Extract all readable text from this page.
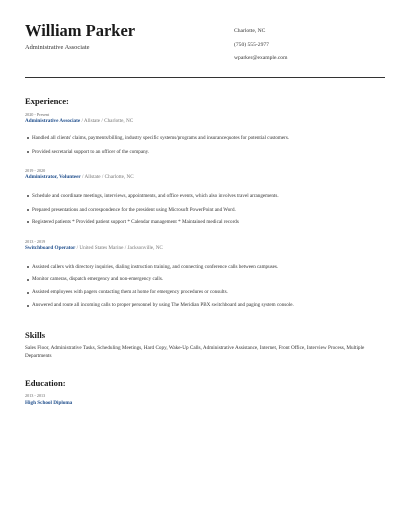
William Parker
Administrative Associate
Charlotte, NC
(750) 555-2977
wparker@example.com
Experience:
2020 - Present
Administrative Associate / Allstate / Charlotte, NC
Handled all clients' claims, payments/billing, industry specific systems/programs and insurancequotes for potential customers.
Provided secretarial support to an officer of the company.
2019 - 2020
Administrator, Volunteer / Allstate / Charlotte, NC
Schedule and coordinate meetings, interviews, appointments, and office events, which also involves travel arrangements.
Prepared presentations and correspondence for the president using Microsoft PowerPoint and Word.
Registered patients * Provided patient support * Calendar management * Maintained medical records
2013 - 2019
Switchboard Operator / United States Marine / Jacksonville, NC
Assisted callers with directory inquiries, dialing instruction training, and connecting conference calls between campuses.
Monitor cameras, dispatch emergency and non-emergency calls.
Assisted employees with pagers contacting them at home for emergency procedures or consults.
Answered and route all incoming calls to proper personnel by using The Meridian PBX switchboard and paging system console.
Skills
Sales Floor, Administrative Tasks, Scheduling Meetings, Hard Copy, Wake-Up Calls, Administrative Assistance, Internet, Front Office, Interview Process, Multiple Departments
Education:
2013 - 2013
High School Diploma
